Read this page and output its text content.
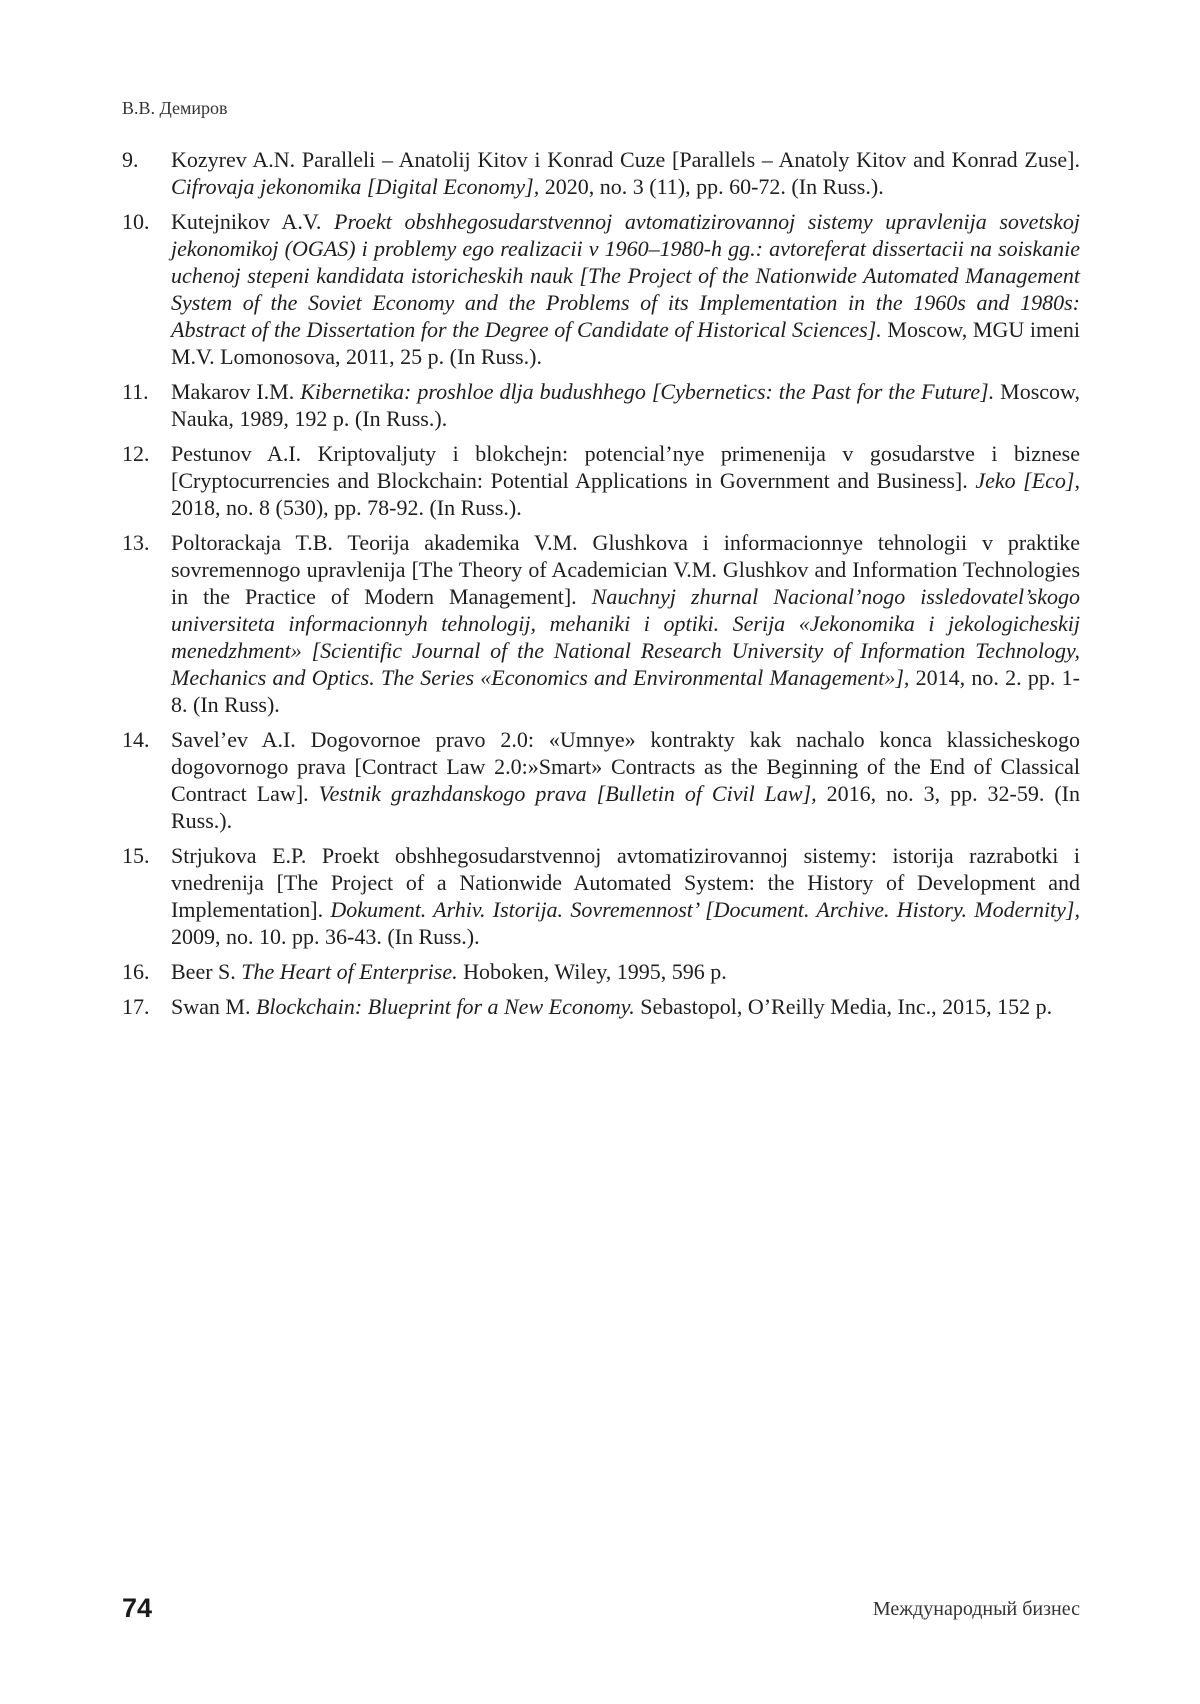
В.В. Демиров
9. Kozyrev A.N. Paralleli – Anatolij Kitov i Konrad Cuze [Parallels – Anatoly Kitov and Konrad Zuse]. Cifrovaja jekonomika [Digital Economy], 2020, no. 3 (11), pp. 60-72. (In Russ.).
10. Kutejnikov A.V. Proekt obshhegosudarstvennoj avtomatizirovannoj sistemy upravlenija sovetskoj jekonomikoj (OGAS) i problemy ego realizacii v 1960–1980-h gg.: avtoreferat dissertacii na soiskanie uchenoj stepeni kandidata istoricheskih nauk [The Project of the Nationwide Automated Management System of the Soviet Economy and the Problems of its Implementation in the 1960s and 1980s: Abstract of the Dissertation for the Degree of Candidate of Historical Sciences]. Moscow, MGU imeni M.V. Lomonosova, 2011, 25 p. (In Russ.).
11. Makarov I.M. Kibernetika: proshloe dlja budushhego [Cybernetics: the Past for the Future]. Moscow, Nauka, 1989, 192 p. (In Russ.).
12. Pestunov A.I. Kriptovaljuty i blokchejn: potencial’nye primenenija v gosudarstve i biznese [Cryptocurrencies and Blockchain: Potential Applications in Government and Business]. Jeko [Eco], 2018, no. 8 (530), pp. 78-92. (In Russ.).
13. Poltorackaja T.B. Teorija akademika V.M. Glushkova i informacionnye tehnologii v praktike sovremennogo upravlenija [The Theory of Academician V.M. Glushkov and Information Technologies in the Practice of Modern Management]. Nauchnyj zhurnal Nacional’nogo issledovatel’skogo universiteta informacionnyh tehnologij, mehaniki i optiki. Serija «Jekonomika i jekologicheskij menedzhment» [Scientific Journal of the National Research University of Information Technology, Mechanics and Optics. The Series «Economics and Environmental Management»], 2014, no. 2. pp. 1-8. (In Russ).
14. Savel’ev A.I. Dogovornoe pravo 2.0: «Umnye» kontrakty kak nachalo konca klassicheskogo dogovornogo prava [Contract Law 2.0:»Smart» Contracts as the Beginning of the End of Classical Contract Law]. Vestnik grazhdanskogo prava [Bulletin of Civil Law], 2016, no. 3, pp. 32-59. (In Russ.).
15. Strjukova E.P. Proekt obshhegosudarstvennoj avtomatizirovannoj sistemy: istorija razrabotki i vnedrenija [The Project of a Nationwide Automated System: the History of Development and Implementation]. Dokument. Arhiv. Istorija. Sovremennost’ [Document. Archive. History. Modernity], 2009, no. 10. pp. 36-43. (In Russ.).
16. Beer S. The Heart of Enterprise. Hoboken, Wiley, 1995, 596 p.
17. Swan M. Blockchain: Blueprint for a New Economy. Sebastopol, O’Reilly Media, Inc., 2015, 152 p.
74	Международный бизнес
